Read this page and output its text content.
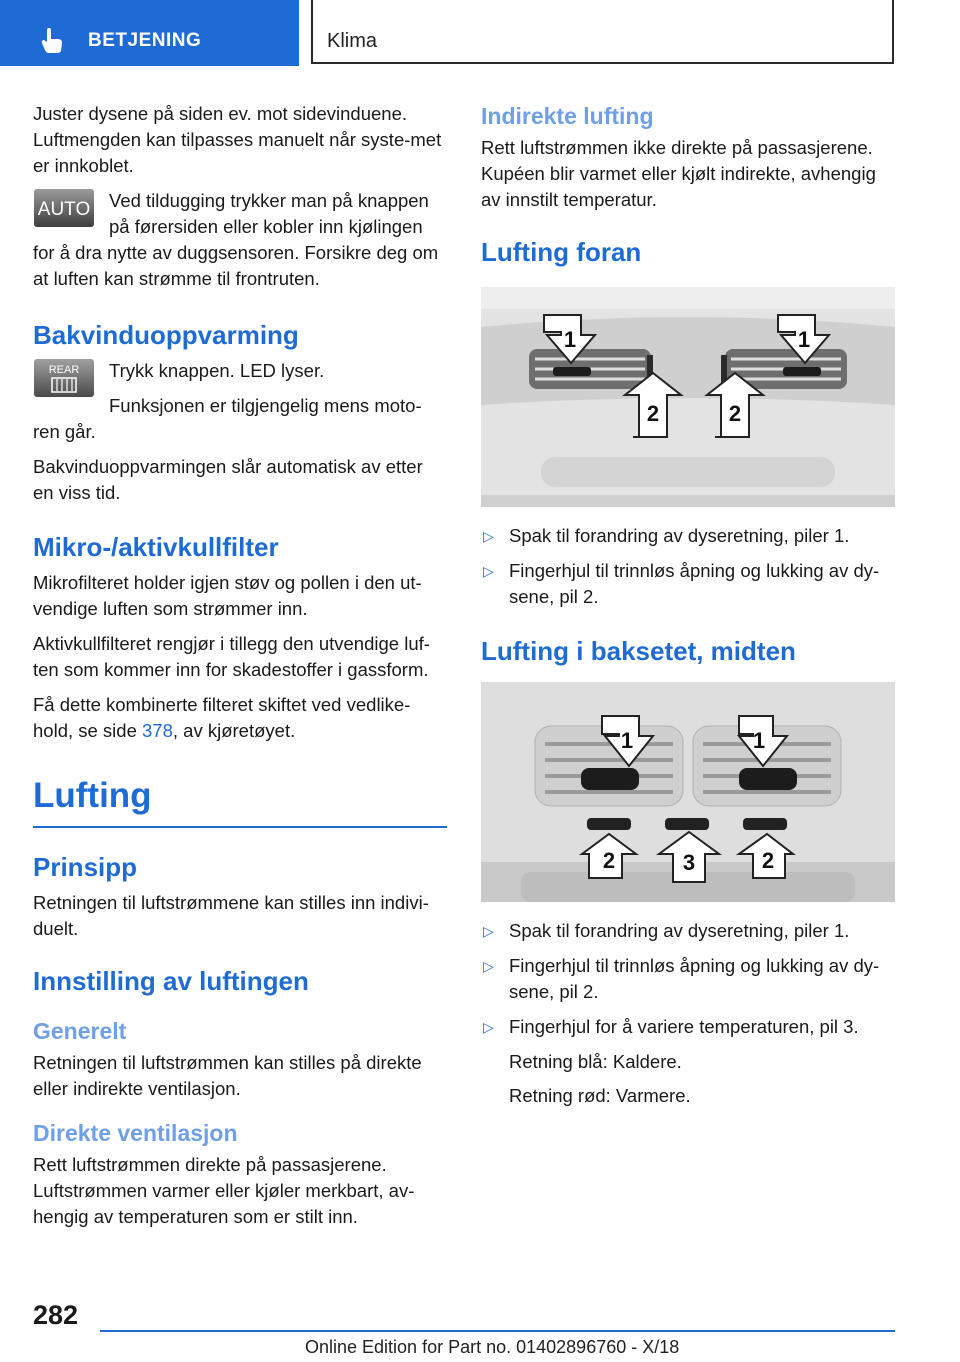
BETJENING	Klima

Juster dysene på siden ev. mot sidevinduene. Luftmengden kan tilpasses manuelt når syste-met er innkoblet.

AUTO	Ved tildugging trykker man på knappen på førersiden eller kobler inn kjølingen for å dra nytte av duggsensoren. Forsikre deg om at luften kan strømme til frontruten.

Bakvinduoppvarming
REAR	Trykk knappen. LED lyser.

Funksjonen er tilgjengelig mens moto-ren går.

Bakvinduoppvarmingen slår automatisk av etter en viss tid.

Mikro-/aktivkullfilter

Mikrofilteret holder igjen støv og pollen i den ut-vendige luften som strømmer inn.

Aktivkullfilteret rengjør i tillegg den utvendige luf-ten som kommer inn for skadestoffer i gassform.

Få dette kombinerte filteret skiftet ved vedlike-hold, se side 378, av kjøretøyet.

Lufting
Prinsipp

Retningen til luftstrømmene kan stilles inn indivi-duelt.

Innstilling av luftingen
Generelt

Retningen til luftstrømmen kan stilles på direkte eller indirekte ventilasjon.

Direkte ventilasjon

Rett luftstrømmen direkte på passasjerene. Luftstrømmen varmer eller kjøler merkbart, av-hengig av temperaturen som er stilt inn.

Indirekte lufting

Rett luftstrømmen ikke direkte på passasjerene. Kupéen blir varmet eller kjølt indirekte, avhengig av innstilt temperatur.

Lufting foran
1	1
2	2
▷ Spak til forandring av dyseretning, piler 1.
▷ Fingerhjul til trinnløs åpning og lukking av dy-sene, pil 2.
Lufting i baksetet, midten
1	1
2	3	2
▷ Spak til forandring av dyseretning, piler 1.
▷ Fingerhjul til trinnløs åpning og lukking av dy-sene, pil 2.
▷ Fingerhjul for å variere temperaturen, pil 3.
Retning blå: Kaldere.
Retning rød: Varmere.
282
Online Edition for Part no. 01402896760 - X/18
